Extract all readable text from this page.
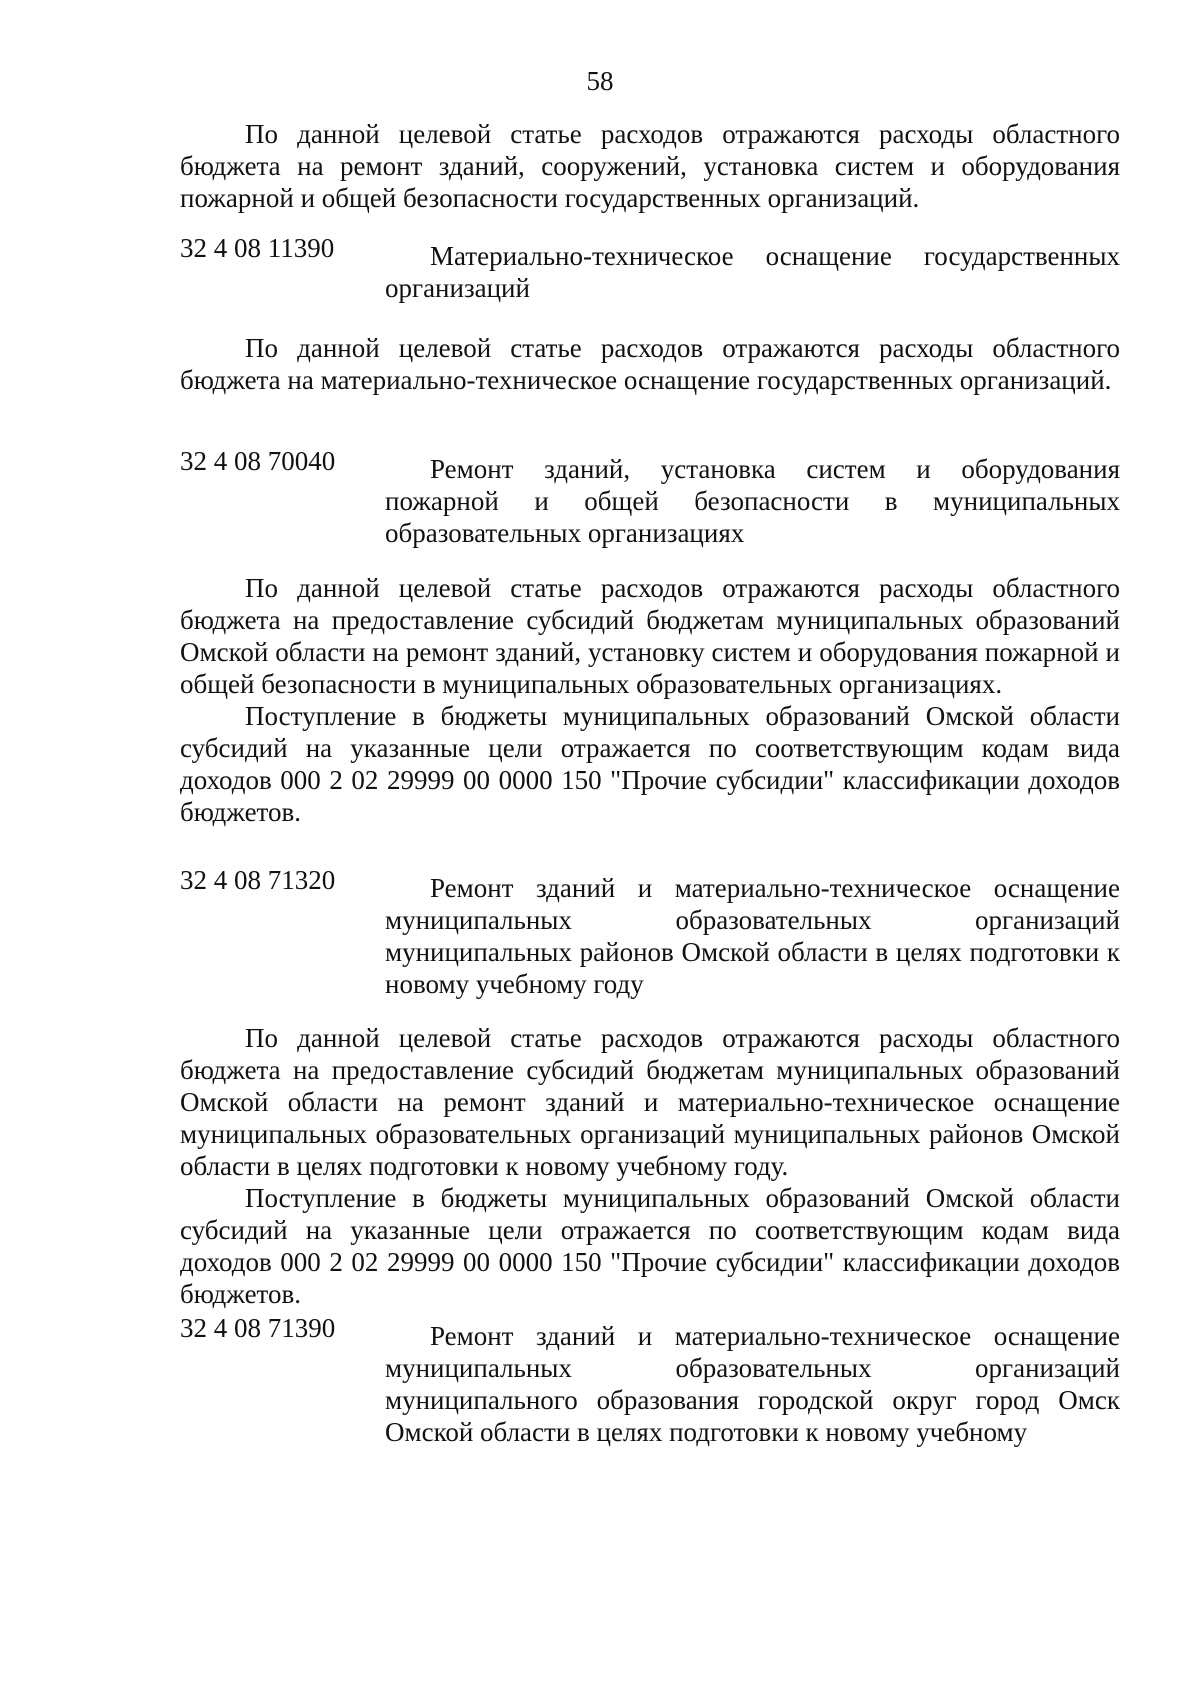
58

По данной целевой статье расходов отражаются расходы областного бюджета на ремонт зданий, сооружений, установка систем и оборудования пожарной и общей безопасности государственных организаций.

32 4 08 11390	Материально-техническое оснащение государственных организаций

По данной целевой статье расходов отражаются расходы областного бюджета на материально-техническое оснащение государственных организаций.

32 4 08 70040	Ремонт зданий, установка систем и оборудования пожарной и общей безопасности в муниципальных образовательных организациях

По данной целевой статье расходов отражаются расходы областного бюджета на предоставление субсидий бюджетам муниципальных образований Омской области на ремонт зданий, установку систем и оборудования пожарной и общей безопасности в муниципальных образовательных организациях.

Поступление в бюджеты муниципальных образований Омской области субсидий на указанные цели отражается по соответствующим кодам вида доходов 000 2 02 29999 00 0000 150 "Прочие субсидии" классификации доходов бюджетов.

32 4 08 71320	Ремонт зданий и материально-техническое оснащение муниципальных образовательных организаций муниципальных районов Омской области в целях подготовки к новому учебному году

По данной целевой статье расходов отражаются расходы областного бюджета на предоставление субсидий бюджетам муниципальных образований Омской области на ремонт зданий и материально-техническое оснащение муниципальных образовательных организаций муниципальных районов Омской области в целях подготовки к новому учебному году.

Поступление в бюджеты муниципальных образований Омской области субсидий на указанные цели отражается по соответствующим кодам вида доходов 000 2 02 29999 00 0000 150 "Прочие субсидии" классификации доходов бюджетов.

32 4 08 71390	Ремонт зданий и материально-техническое оснащение муниципальных образовательных организаций муниципального образования городской округ город Омск Омской области в целях подготовки к новому учебному
